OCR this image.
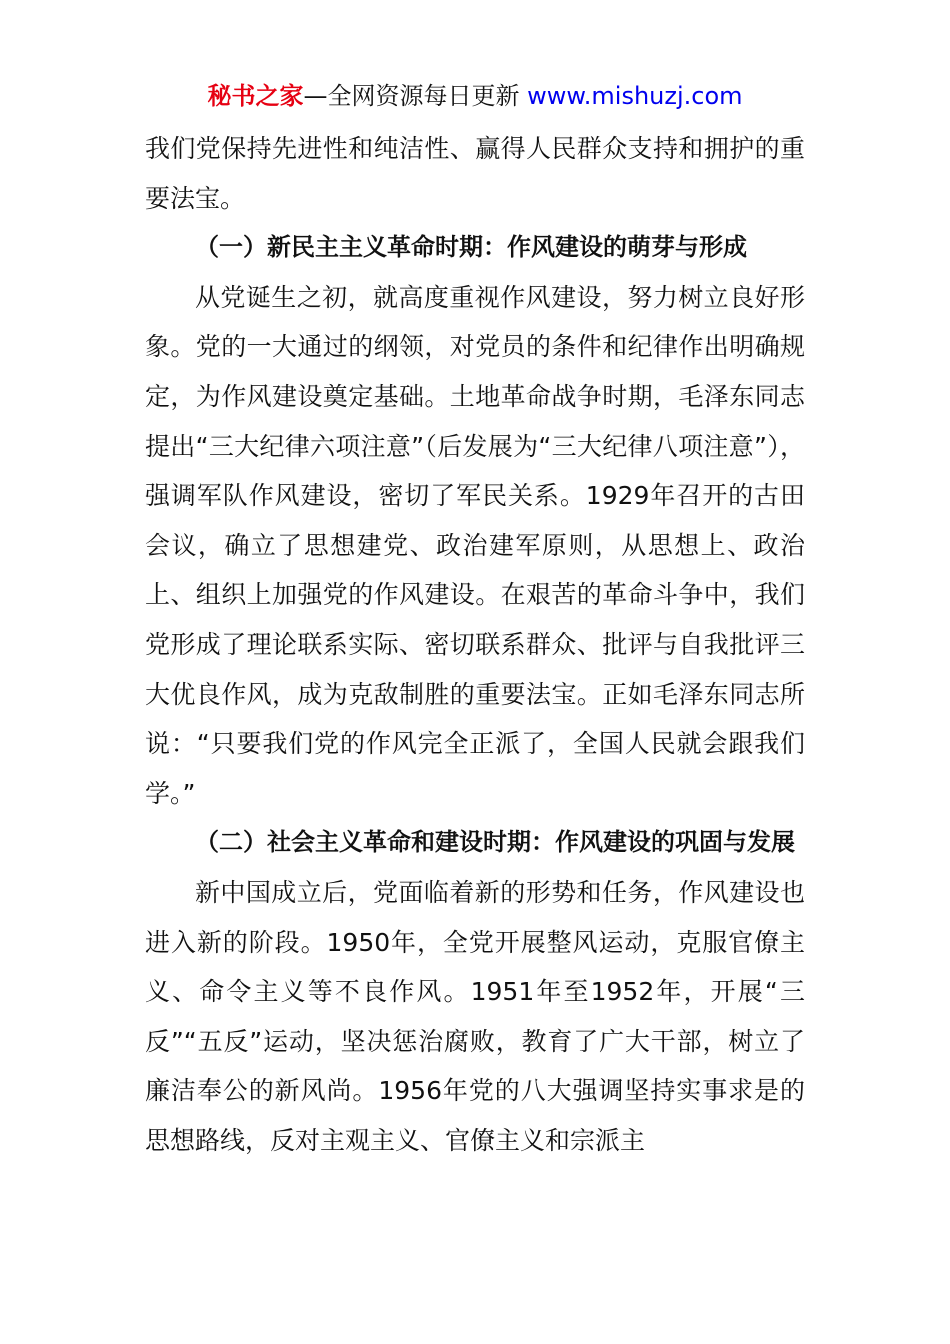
秘书之家—全网资源每日更新 www.mishuzj.com

我们党保持先进性和纯洁性、赢得人民群众支持和拥护的重要法宝。

（一）新民主主义革命时期：作风建设的萌芽与形成

从党诞生之初，就高度重视作风建设，努力树立良好形象。党的一大通过的纲领，对党员的条件和纪律作出明确规定，为作风建设奠定基础。土地革命战争时期，毛泽东同志提出“三大纪律六项注意”（后发展为“三大纪律八项注意”），强调军队作风建设，密切了军民关系。1929年召开的古田会议，确立了思想建党、政治建军原则，从思想上、政治上、组织上加强党的作风建设。在艰苦的革命斗争中，我们党形成了理论联系实际、密切联系群众、批评与自我批评三大优良作风，成为克敌制胜的重要法宝。正如毛泽东同志所说：“只要我们党的作风完全正派了，全国人民就会跟我们学。”

（二）社会主义革命和建设时期：作风建设的巩固与发展

新中国成立后，党面临着新的形势和任务，作风建设也进入新的阶段。1950年，全党开展整风运动，克服官僚主义、命令主义等不良作风。1951年至1952年，开展“三反”“五反”运动，坚决惩治腐败，教育了广大干部，树立了廉洁奉公的新风尚。1956年党的八大强调坚持实事求是的思想路线，反对主观主义、官僚主义和宗派主
